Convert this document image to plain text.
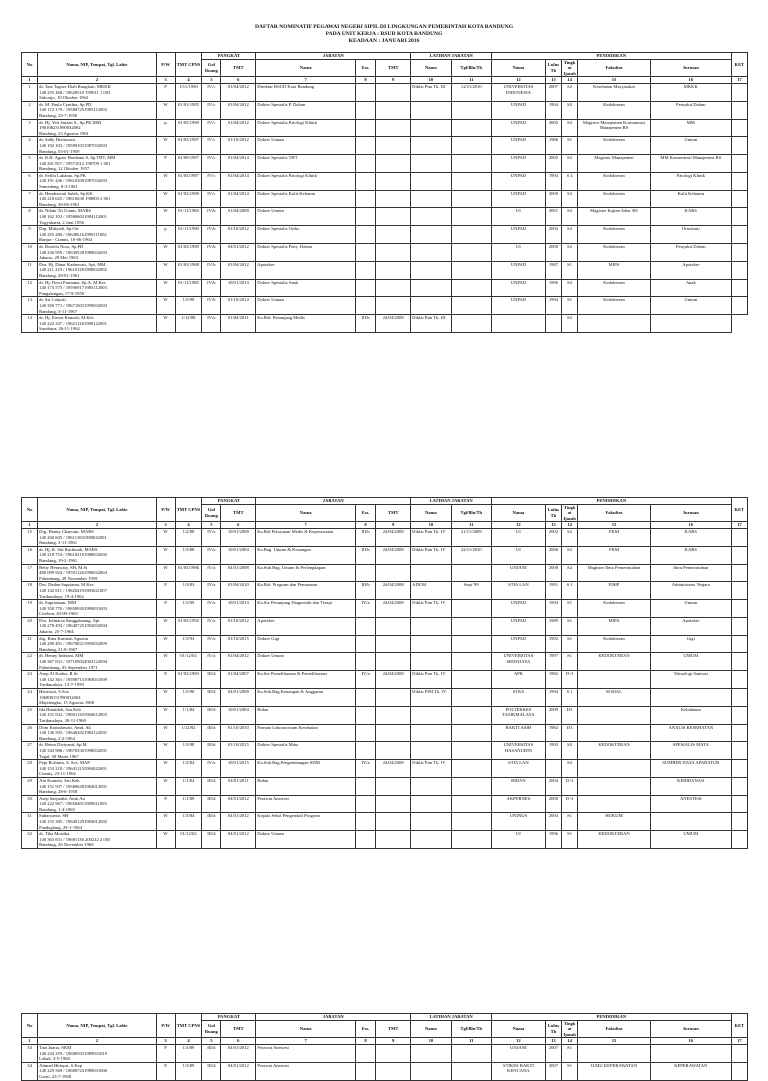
DAFTAR NOMINATIF PEGAWAI NEGERI SIPIL DI LINGKUNGAN PEMERINTAH KOTA BANDUNG
PADA UNIT KERJA : RSUD KOTA BANDUNG
KEADAAN : JANUARI 2016
No	Nama, NIP, Tempat, Tgl. Lahir	P/W	TMT CPNS	PANGKAT		JABATAN			LATIHAN JABATAN		PENDIDIKAN					KET
				Gol Ruang	TMT	Nama	Ess.	TMT	Nama	Tgl/Bln/Th	Nama	Lulus Th	Tingkat Ijazah	Fakultas	Jurusan	
1	2	3	4	5	6	7	8	9	10	11	12	13	14	15	16	17
1	dr. Taat Tagore Diah Rangkuti, MKKK
140 255 468 / 19620510 199011 1 003
Sidoarjo, 10 Oktober 1962	P	1/11/1990	IV/c	01/04/2012	Direktur RSUD Kota Bandung			Diklat Pim Tk. III	12/11/2010	UNIVERSITAS INDONESIA	2007	S2	Kesehatan Masyarakat	MKKK	
2	dr. M. Paula Cynthia, Sp.PD
140 172 179 / 195807251985112002
Bandung, 25-7-1958	W	01/01/1985	IV/c	01/04/2012	Dokter Spesialis P. Dalam					UNPAD	1994	S2	Kedokteran	Penyakit Dalam	
3	dr. Hj. Yeti Sutarti S., Sp.PK,MM
196108231990032002
Bandung, 23 Agustus 1961	p	01/03/1989	IV/c	01/04/2012	Dokter Spesialis Patologi Klinik					UNPAD	2005	S2	Magister Manajemen Konsentrasi Manajemen RS	MM	
4	dr. Sally Hertiawati
140 192 103 / 195901031987032003
Bandung, 03-01-1959	W	01/03/1987	IV/c	01/10/2012	Dokter Umum					UNPAD	1986	S1	Kedokteran	Umum	
5	dr. R.H. Agoes Hardiana S, Sp.THT, MM
140 201 857 / 19571012 198709 1 001
Bandung, 12 Oktober 1957	P	01/09/1987	IV/c	01/04/2014	Dokter Spesialis THT					UNPAD	2005	S2	Magister Manajemen	MM Konsentrasi Manajemen RS	
6	dr. Sefila Lukania, Sp.PK
140 191 446 / 196103081987032003
Sumedang, 8-3-1961	W	01/03/1987	IV/c	01/04/2014	Dokter Spesialis Patologi Klinik					UNPAD	1994	S 2	Kedokteran	Patologi Klinik	
7	dr. Hendrawati Saleh, Sp.KK
140 218 625 / 19610630 198803 2 001
Bandung, 30-06-1961	W	01/03/1988	IV/c	01/04/2014	Dokter Spesialis Kulit Kelamin					UNPAD	2000	S2	Kedokteran	Kulit Kelamin	
8	dr. Nilam Tri Utami, MARS
140 162 102 / 195606021984112001
Yogyakarta, 2 Juni 1956	W	01/11/1984	IV/b	01/04/2008	Dokter Umum					UI	2001	S2	Magister Kajian Adm. RS	KARS	
9	Drg. Mulyadi, Sp.Ort
140 255 280 / 196406161990111002
Banjar - Ciamis, 16-06-1964	p	01/11/1990	IV/b	01/10/2012	Dokter Spesialis Ortho					UNPAD	2003	S2	Kedokteran	Ortodonti	
10	dr. Rosetta Noor, Sp.PD
140 236 959 / 196305281989032003
Jakarta, 28 Mei 1963	W	01/03/1989	IV/b	04/01/2012	Dokter Spesialis Peny. Dalam					UI	2000	S2	Kedokteran	Penyakit Dalam	
11	Dra. Hj. Dinar Kadarwati, Apt, MM
140 211 219 / 196101281988032002
Bandung, 28-01-1961	W	01/03/1988	IV/b	01/04/2012	Apoteker					UNPAD	1987	S1	MIPA	Apoteker	
12	dr. Hj. Dewi Purnama, Sp.A, M.Kes
140 173 575 / 195909171985112003
Pangalengan, 17-9-1959	W	01/11/1985	IV/b	10/01/2013	Dokter Spesialis Anak					UNPAD	1996	S2	Kedokteran	Anak	
13	dr. Sri Cahyati
140 350 771 / 196710031999032003
Bandung, 3-11-1967	W	1/3/99	IV/b	01/10/2014	Dokter Umum					UNPAD	1994	S1	Kedokteran	Umum	
14	dr. Hj. Eresta Kemala, M.Kes
140 222 347 / 196211261988122001
Surabaya, 26-11-1962	W	1/12/88	IV/a	01/04/2011	Ka.Bid. Penunjang Medis	III/b	24/04/2008	Diklat Pim Tk. III				S2			
No	Nama, NIP, Tempat, Tgl. Lahir	P/W	TMT CPNS	PANGKAT		JABATAN			LATIHAN JABATAN		PENDIDIKAN					KET
				Gol Ruang	TMT	Nama	Ess.	TMT	Nama	Tgl/Bln/Th	Nama	Lulus Th	Tingkat Ijazah	Fakultas	Jurusan	
1	2	3	4	5	6	7	8	9	10	11	12	13	14	15	16	17
15	Drg. Henny Chaerani, MARS
140 260 845 / 196111031988022001
Bandung, 3-11-1961	W	1/2/88	IV/a	10/01/2008	Ka.Bid Pelayanan Medis & Keperawatan	III/b	24/04/2008	Diklat Pim Tk. IV	21/11/2009	UI	2002	S2	FKM	KARS	
16	dr. Hj. R. Siti Rachmah, MARS
140 218 753 / 196102191988032002
Bandung, 19-2-1961	W	1/3/88	IV/a	10/01/2004	Ka.Bag. Umum & Keuangan	III/b	24/04/2008	Diklat Pim Tk. IV	22/11/2010	UI	2006	S2	FKM	KARS	
17	Betty Herawaty, SH, M.Si
480 099 924 / 195911261986032004
Palembang, 28 November 1959	W	01/03/1986	IV/a	04/01/2008	Ka.Sub.Bag. Umum & Perlengkapan					UNJANI	2000	S2	Magister Ilmu Pemerintahan	Ilmu Pemerintahan	
18	Drs. Dadan Supriatna, M.Kes
140 142 811 / 196204191983021007
Tasikmalaya, 19-4-1962	P	1/3/83	IV/a	01/04/2010	Ka.Bid. Program dan Pemasaran	III/b	24/04/2008	ADUM	Sept '99	STIA LAN	1991	S 1	FISIP	Administrasi Negara	
19	dr. Suprastuan, MM
140 350 770 / 196509201999031003
Cirebon, 20-09-1965	P	1/3/99	IV/a	10/01/2013	Ka.Sie Penunjang Diagnostik dan Terapi	IV/a	24/04/2008	Diklat Pim Tk. IV		UNPAD	1994	S1	Kedokteran	Umum	
20	Dra. Julinarsa Sanggabuang, Apt
140 278 493 / 196407251992032004
Jakarta, 25-7-1964	W	01/03/1992	IV/a	01/10/2012	Apoteker					UNPAD	1989	S1	MIPA	Apoteker	
21	drg. Rina Kurniati Agustin
140 299 491 / 196708211993032009
Bandung, 21-8-1967	W	1/3/93	IV/a	01/10/2015	Dokter Gigi					UNPAD	1992	S1	Kedokteran	Gigi	
22	dr. Henny Indriani, MM
140 367 631 / 197109032002122004
Palembang, 03 September 1971	W	01/12/02	IV/a	01/04/2012	Dokter Umum					UNIVERSITAS SRIWIJAYA	1997	S1	KEDOKTERAN	UMUM	
23	Asep Al Kudus, R.Sc
140 142 361 / 195907131983031009
Tasikmalaya, 13-7-1959	P	01/03/1983	III/d	01/04/2007	Ka.Sie Pemeliharaan & Pemeliharaan	IV/a	24/04/2008	Diklat Pim Tk. IV		APK	1982	D-3		Teknologi Sanitasi	
24	Herawati, S.Sos
196808151990032004
Majalengka, 15 Agustus 1968	W	1/3/96	III/d	04/01/2008	Ka.Sub.Bag.Keuangan & Anggaran			Diklat PIM Tk. IV		STKS	1994	S 1	SOSIAL		
25	Ida Hamidah, Am.Keb
140 151 932 / 196011301984012003
Tasikmalaya, 30-11-1960	W	1/1/84	III/d	10/01/2004	Bidan					POLTEKKES TASIKMALAYA	2009	D3		Kebidanan	
26	Dom Komalawati, Amd. Ak
140 136 505 / 196402021982122001
Bandung, 2-2-1964	W	1/12/82	III/d	01/10/2010	Pranata Laboratorium Kesehatan					BAKTI ASIH	1982	D3		ANALIS KESEHATAN	
27	dr. Retno Dwiyanti, Sp.M
140 343 986 / 196703301998032001
Tegal, 30 Maret 1967	W	1/3/98	III/d	01/10/2015	Dokter Spesialis Mata					UNIVERSITAS HASANUDIN	1993	S2	KEDOKTERAN	SPESIALIS MATA	
28	Pepi Rofimin, S. Sos, MAP
140 153 210 / 196411231984022001
Ciamis, 23-11-1964	W	1/2/84	IV/a	10/01/2015	Ka.Sub.Bag.Pengembangan SDM	IV/a	24/04/2008	Diklat Pim Tk. IV		STIA LAN		S2		SUMBER DAYA APARATUR	
29	Ani Komala, Am.Keb
140 151 937 / 195806281984012001
Bandung, 28-6-1958	W	1/1/84	III/d	04/01/2011	Bidan					BIDAN	2004	D-3		KEBIDANAN	
30	Asep Saepudin, Amk.An
140 222 967 / 196504011989011003
Bandung, 1-4-1965	P	1/1/89	III/d	04/01/2012	Perawat Anestesi					AKPERNES	2000	D-3		ANESTESI	
31	Suharyanto, SH
140 155 385 / 196401291984012002
Pandeglang, 29-1-1964	W	1/3/84	III/d	04/01/2012	Kepala Seksi Pengendali Program					UNINUS	2004	S1	HUKUM		
32	dr. Tika Mustika
140 363 831 / 19681136 200212 2 005
Bandung, 26 November 1968	W	01/12/02	III/d	04/01/2012	Dokter Umum					UI	1996	S1	KEDOKTERAN	UMUM	
No	Nama, NIP, Tempat, Tgl. Lahir	P/W	TMT CPNS	PANGKAT		JABATAN			LATIHAN JABATAN		PENDIDIKAN					KET
				Gol Ruang	TMT	Nama	Ess.	TMT	Nama	Tgl/Bln/Th	Nama	Lulus Th	Tingkat Ijazah	Fakultas	Jurusan	
1	2	3	4	5	6	7	8	9	10	11	12	13	14	15	16	17
33	Tata Juarta, SKM
140 234 359 / 196805031989031010
Lebak, 3-5-1968	P	1/3/89	III/d	04/01/2012	Perawat Anestesi					UNJANI	2007	S1			
34	Ahmad Hidayat, S.Kep
140 229 569 / 196807231989031006
Garut, 23-7-1968	P	1/3/89	III/d	04/01/2012	Perawat Anestesi					STIKES BAKTI KENCANA	2007	S1	ILMU KEPERAWATAN	KEPERAWATAN	
